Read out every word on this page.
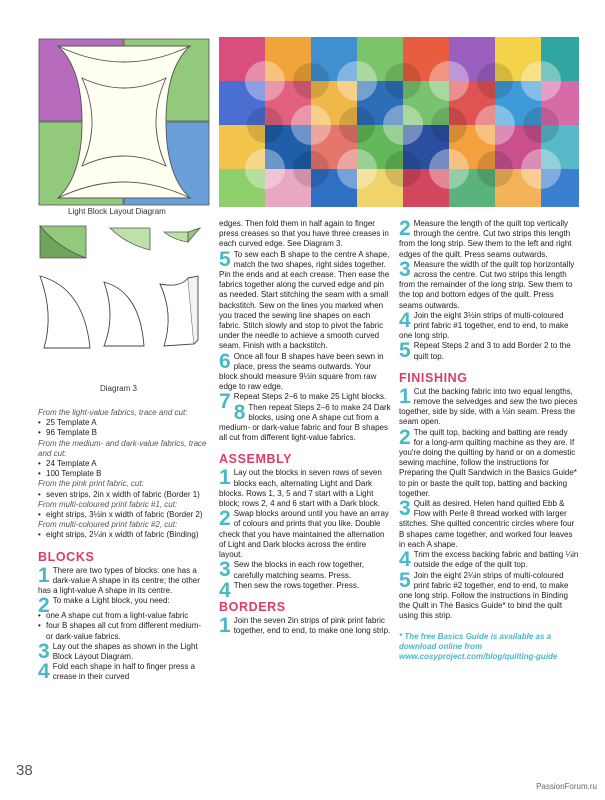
Light Block Layout Diagram
Diagram 3

From the light-value fabrics, trace and cut:

• 25 Template A
• 96 Template B

From the medium- and dark-value fabrics, trace and cut:

• 24 Template A
• 100 Template B

From the pink print fabric, cut:

• seven strips, 2in x width of fabric (Border 1)

From multi-coloured print fabric #1, cut:

• eight strips, 3½in x width of fabric (Border 2)

From multi-coloured print fabric #2, cut:

• eight strips, 2¼in x width of fabric (Binding)
BLOCKS
1 There are two types of blocks: one has a dark-value A shape in its centre; the other has a light-value A shape in its centre.

2 To make a Light block, you need:

• one A shape cut from a light-value fabric
• four B shapes all cut from different medium- or dark-value fabrics.
3 Lay out the shapes as shown in the Light Block Layout Diagram.

4 Fold each shape in half to finger press a crease in their curved

edges. Then fold them in half again to finger press creases so that you have three creases in each curved edge. See Diagram 3.

5 To sew each B shape to the centre A shape, match the two shapes, right sides together. Pin the ends and at each crease. Then ease the fabrics together along the curved edge and pin as needed. Start stitching the seam with a small backstitch. Sew on the lines you marked when you traced the sewing line shapes on each fabric. Stitch slowly and stop to pivot the fabric under the needle to achieve a smooth curved seam. Finish with a backstitch.

6 Once all four B shapes have been sewn in place, press the seams outwards. Your block should measure 9½in square from raw edge to raw edge.

7 Repeat Steps 2–6 to make 25 Light blocks.

8 Then repeat Steps 2–6 to make 24 Dark blocks, using one A shape cut from a medium- or dark-value fabric and four B shapes all cut from different light-value fabrics.

ASSEMBLY
1 Lay out the blocks in seven rows of seven blocks each, alternating Light and Dark blocks. Rows 1, 3, 5 and 7 start with a Light block; rows 2, 4 and 6 start with a Dark block.

2 Swap blocks around until you have an array of colours and prints that you like. Double check that you have maintained the alternation of Light and Dark blocks across the entire layout.

3 Sew the blocks in each row together, carefully matching seams. Press.

4 Then sew the rows together. Press.

BORDERS
1 Join the seven 2in strips of pink print fabric together, end to end, to make one long strip.

2 Measure the length of the quilt top vertically through the centre. Cut two strips this length from the long strip. Sew them to the left and right edges of the quilt. Press seams outwards.

3 Measure the width of the quilt top horizontally across the centre. Cut two strips this length from the remainder of the long strip. Sew them to the top and bottom edges of the quilt. Press seams outwards.

4 Join the eight 3½in strips of multi-coloured print fabric #1 together, end to end, to make one long strip.

5 Repeat Steps 2 and 3 to add Border 2 to the quilt top.

FINISHING
1 Cut the backing fabric into two equal lengths, remove the selvedges and sew the two pieces together, side by side, with a ½in seam. Press the seam open.

2 The quilt top, backing and batting are ready for a long-arm quilting machine as they are. If you're doing the quilting by hand or on a domestic sewing machine, follow the instructions for Preparing the Quilt Sandwich in the Basics Guide* to pin or baste the quilt top, batting and backing together.

3 Quilt as desired. Helen hand quilted Ebb & Flow with Perle 8 thread worked with larger stitches. She quilted concentric circles where four B shapes came together, and worked four leaves in each A shape.

4 Trim the excess backing fabric and batting ¼in outside the edge of the quilt top.

5 Join the eight 2¼in strips of multi-coloured print fabric #2 together, end to end, to make one long strip. Follow the instructions in Binding the Quilt in The Basics Guide* to bind the quilt using this strip.

* The free Basics Guide is available as a download online from www.cosyproject.com/blog/quilting-guide

38
PassionForum.ru
